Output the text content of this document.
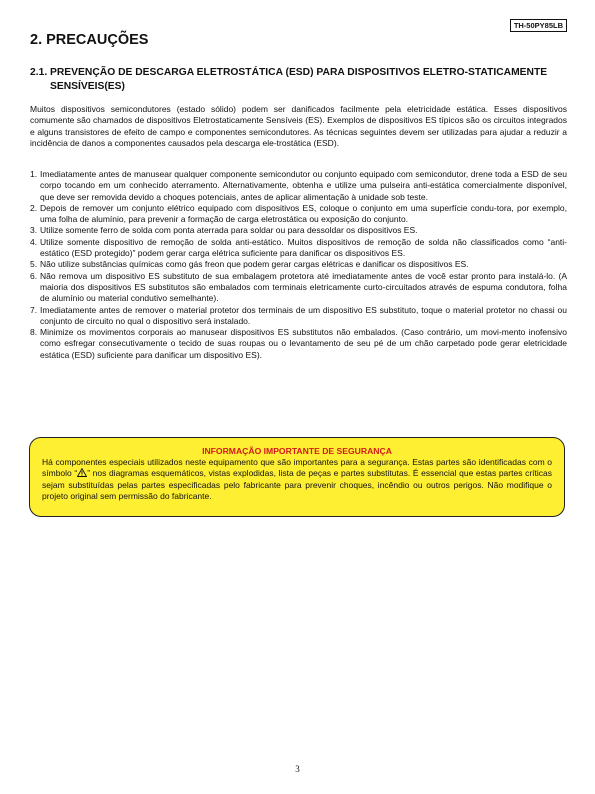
TH-50PY85LB
2. PRECAUÇÕES
2.1. PREVENÇÃO DE DESCARGA ELETROSTÁTICA (ESD) PARA DISPOSITIVOS ELETRO-STATICAMENTE SENSÍVEIS(ES)

Muitos dispositivos semicondutores (estado sólido) podem ser danificados facilmente pela eletricidade estática. Esses dispositivos comumente são chamados de dispositivos Eletrostaticamente Sensíveis (ES). Exemplos de dispositivos ES típicos são os circuitos integrados e alguns transistores de efeito de campo e componentes semicondutores. As técnicas seguintes devem ser utilizadas para ajudar a reduzir a incidência de danos a componentes causados pela descarga ele-trostática (ESD).

1. Imediatamente antes de manusear qualquer componente semicondutor ou conjunto equipado com semicondutor, drene toda a ESD de seu corpo tocando em um conhecido aterramento. Alternativamente, obtenha e utilize uma pulseira anti-estática comercialmente disponível, que deve ser removida devido a choques potenciais, antes de aplicar alimentação à unidade sob teste.
2. Depois de remover um conjunto elétrico equipado com dispositivos ES, coloque o conjunto em uma superfície condu-tora, por exemplo, uma folha de alumínio, para prevenir a formação de carga eletrostática ou exposição do conjunto.
3. Utilize somente ferro de solda com ponta aterrada para soldar ou para dessoldar os dispositivos ES.
4. Utilize somente dispositivo de remoção de solda anti-estático. Muitos dispositivos de remoção de solda não classificados como “anti-estático (ESD protegido)” podem gerar carga elétrica suficiente para danificar os dispositivos ES.
5. Não utilize substâncias químicas como gás freon que podem gerar cargas elétricas e danificar os dispositivos ES.
6. Não remova um dispositivo ES substituto de sua embalagem protetora até imediatamente antes de você estar pronto para instalá-lo. (A maioria dos dispositivos ES substitutos são embalados com terminais eletricamente curto-circuitados através de espuma condutora, folha de alumínio ou material condutivo semelhante).
7. Imediatamente antes de remover o material protetor dos terminais de um dispositivo ES substituto, toque o material protetor no chassi ou conjunto de circuito no qual o dispositivo será instalado.
8. Minimize os movimentos corporais ao manusear dispositivos ES substitutos não embalados. (Caso contrário, um movi-mento inofensivo como esfregar consecutivamente o tecido de suas roupas ou o levantamento de seu pé de um chão carpetado pode gerar eletricidade estática (ESD) suficiente para danificar um dispositivo ES).

INFORMAÇÃO IMPORTANTE DE SEGURANÇA

Há componentes especiais utilizados neste equipamento que são importantes para a segurança. Estas partes são identificadas com o símbolo “ ” nos diagramas esquemáticos, vistas explodidas, lista de peças e partes substitutas. É essencial que estas partes críticas sejam substituídas pelas partes especificadas pelo fabricante para prevenir choques, incêndio ou outros perigos. Não modifique o projeto original sem permissão do fabricante.

3
